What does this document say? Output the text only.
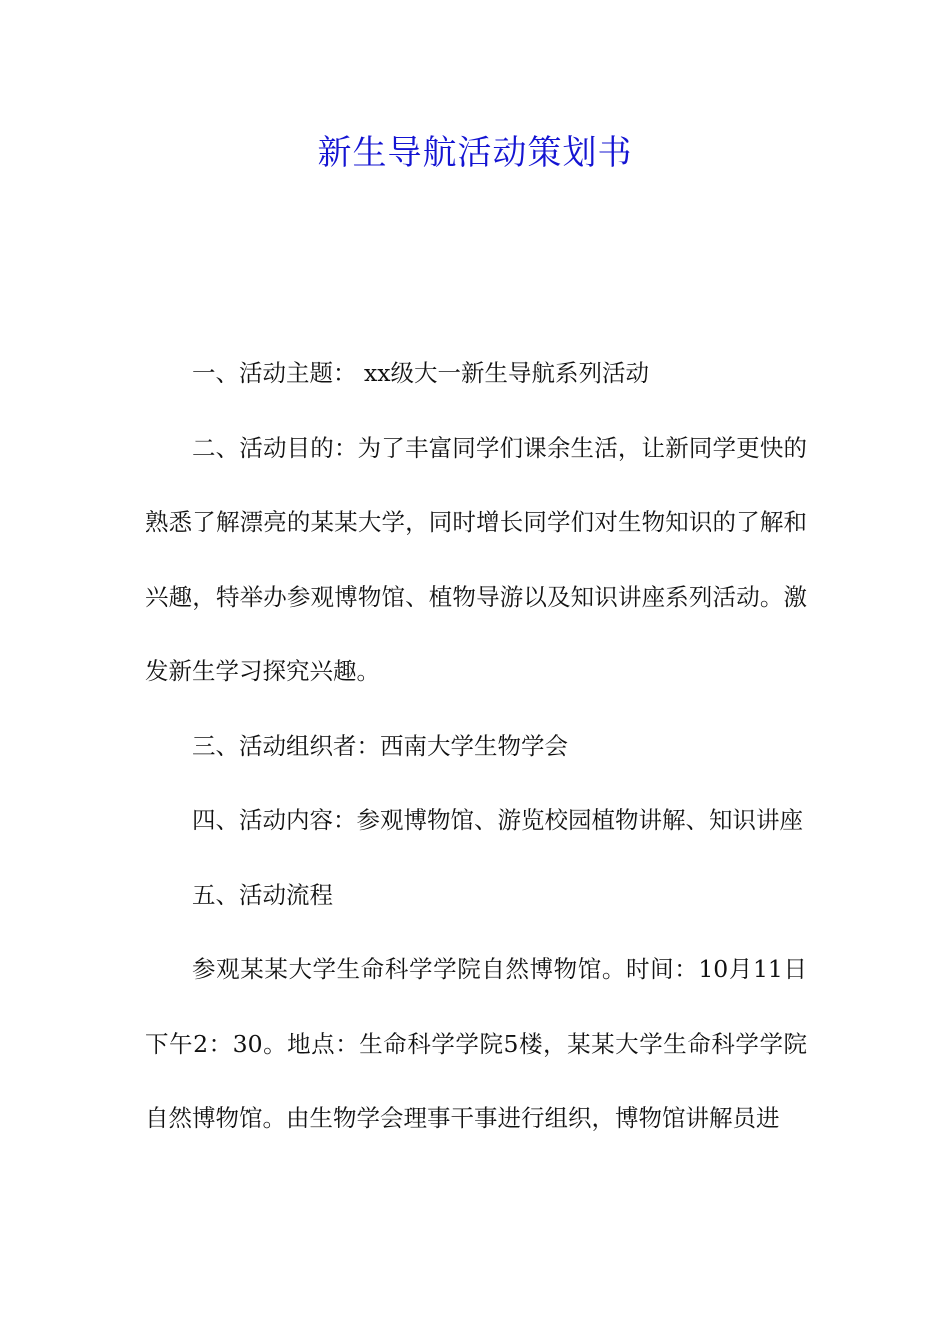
新生导航活动策划书

一、活动主题： xx级大一新生导航系列活动

二、活动目的：为了丰富同学们课余生活，让新同学更快的熟悉了解漂亮的某某大学，同时增长同学们对生物知识的了解和兴趣，特举办参观博物馆、植物导游以及知识讲座系列活动。激发新生学习探究兴趣。

三、活动组织者：西南大学生物学会

四、活动内容：参观博物馆、游览校园植物讲解、知识讲座

五、活动流程

参观某某大学生命科学学院自然博物馆。时间：10月11日下午2：30。地点：生命科学学院5楼，某某大学生命科学学院自然博物馆。由生物学会理事干事进行组织，博物馆讲解员进
